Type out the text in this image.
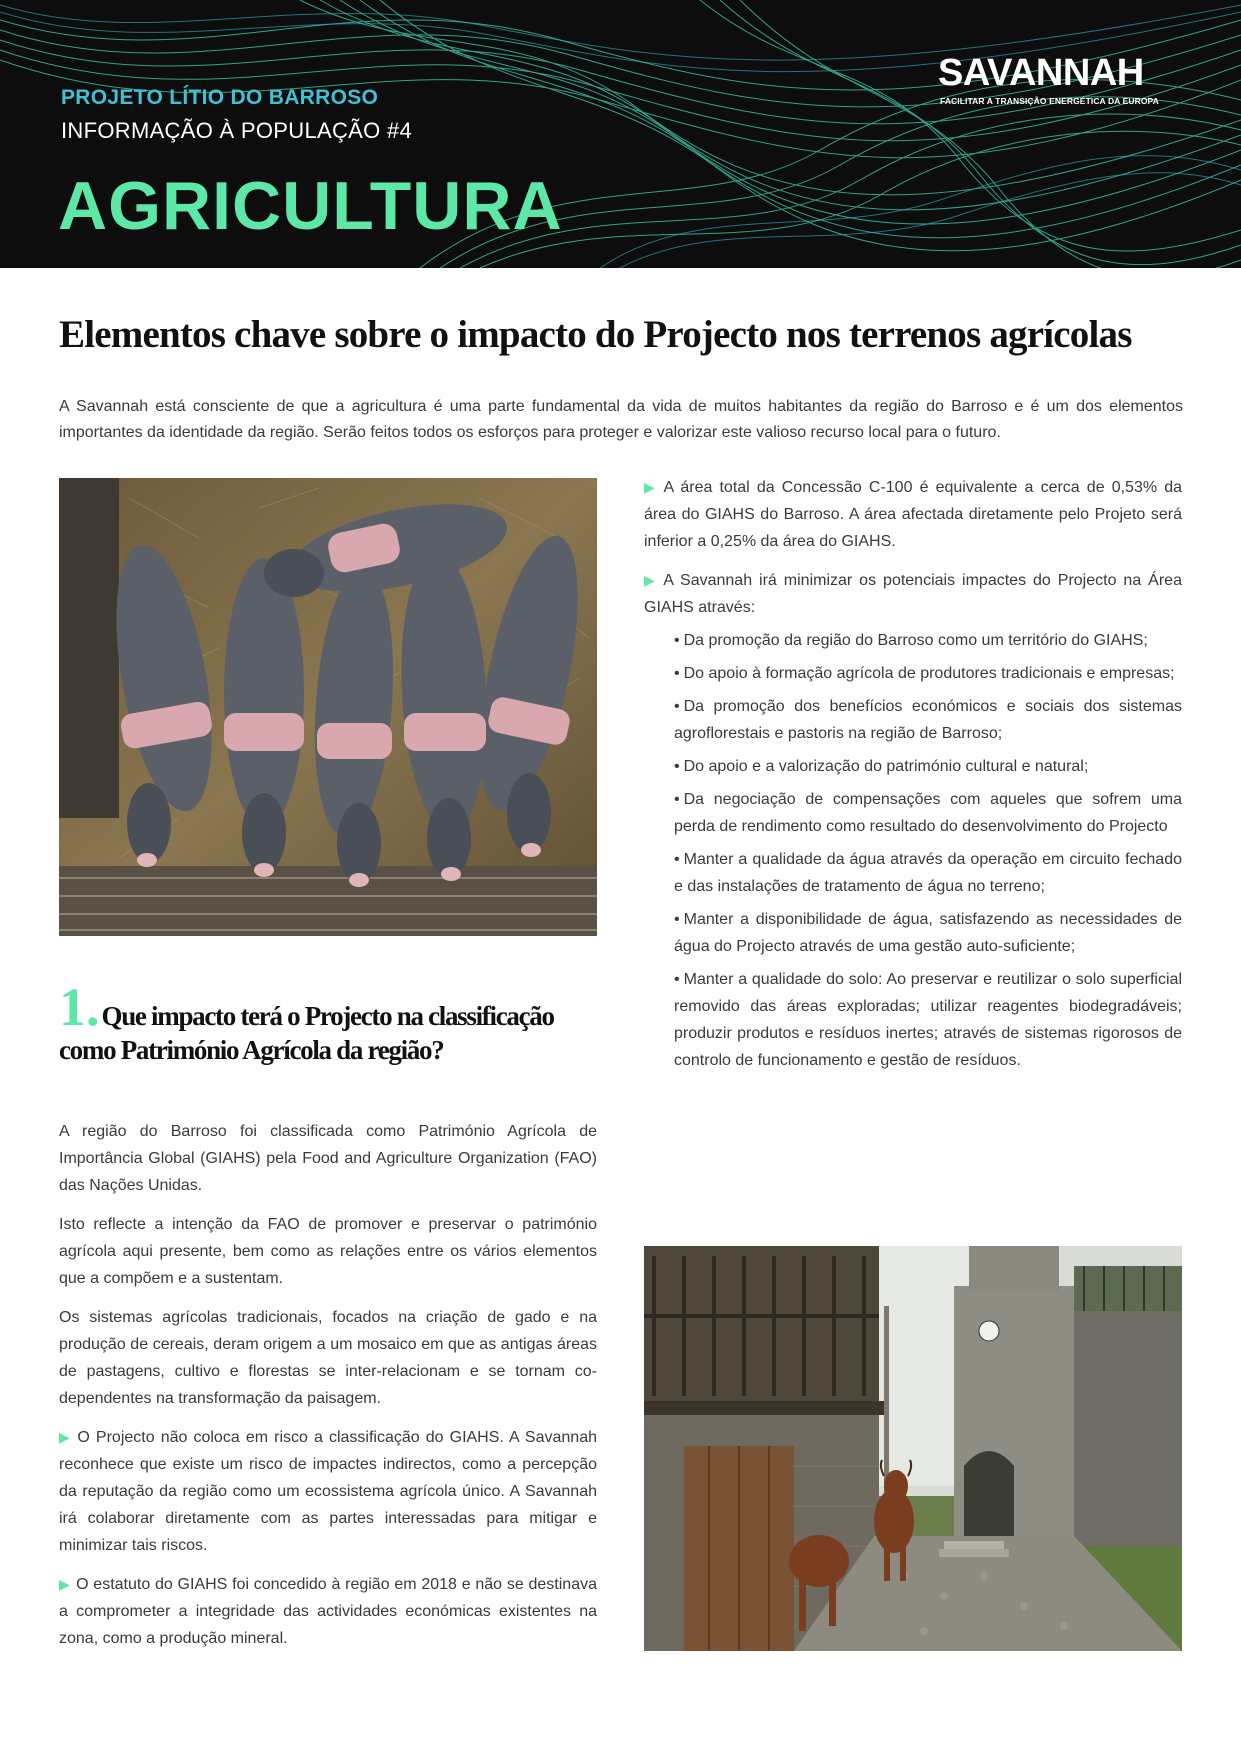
PROJETO LÍTIO DO BARROSO
INFORMAÇÃO À POPULAÇÃO #4
AGRICULTURA
SAVANNAH
FACILITAR A TRANSIÇÃO ENERGÉTICA DA EUROPA
Elementos chave sobre o impacto do Projecto nos terrenos agrícolas
A Savannah está consciente de que a agricultura é uma parte fundamental da vida de muitos habitantes da região do Barroso e é um dos elementos importantes da identidade da região. Serão feitos todos os esforços para proteger e valorizar este valioso recurso local para o futuro.
1.Que impacto terá o Projecto na classificação como Património Agrícola da região?

A região do Barroso foi classificada como Património Agrícola de Importância Global (GIAHS) pela Food and Agriculture Organization (FAO) das Nações Unidas.

Isto reflecte a intenção da FAO de promover e preservar o património agrícola aqui presente, bem como as relações entre os vários elementos que a compõem e a sustentam.

Os sistemas agrícolas tradicionais, focados na criação de gado e na produção de cereais, deram origem a um mosaico em que as antigas áreas de pastagens, cultivo e florestas se inter-relacionam e se tornam co-dependentes na transformação da paisagem.

▶ O Projecto não coloca em risco a classificação do GIAHS. A Savannah reconhece que existe um risco de impactes indirectos, como a percepção da reputação da região como um ecossistema agrícola único. A Savannah irá colaborar diretamente com as partes interessadas para mitigar e minimizar tais riscos.

▶ O estatuto do GIAHS foi concedido à região em 2018 e não se destinava a comprometer a integridade das actividades económicas existentes na zona, como a produção mineral.

▶ A área total da Concessão C-100 é equivalente a cerca de 0,53% da área do GIAHS do Barroso. A área afectada diretamente pelo Projeto será inferior a 0,25% da área do GIAHS.

▶ A Savannah irá minimizar os potenciais impactes do Projecto na Área GIAHS através:

• Da promoção da região do Barroso como um território do GIAHS;
• Do apoio à formação agrícola de produtores tradicionais e empresas;
• Da promoção dos benefícios económicos e sociais dos sistemas agroflorestais e pastoris na região de Barroso;
• Do apoio e a valorização do património cultural e natural;
• Da negociação de compensações com aqueles que sofrem uma perda de rendimento como resultado do desenvolvimento do Projecto
• Manter a qualidade da água através da operação em circuito fechado e das instalações de tratamento de água no terreno;
• Manter a disponibilidade de água, satisfazendo as necessidades de água do Projecto através de uma gestão auto-suficiente;
• Manter a qualidade do solo: Ao preservar e reutilizar o solo superficial removido das áreas exploradas; utilizar reagentes biodegradáveis; produzir produtos e resíduos inertes; através de sistemas rigorosos de controlo de funcionamento e gestão de resíduos.
